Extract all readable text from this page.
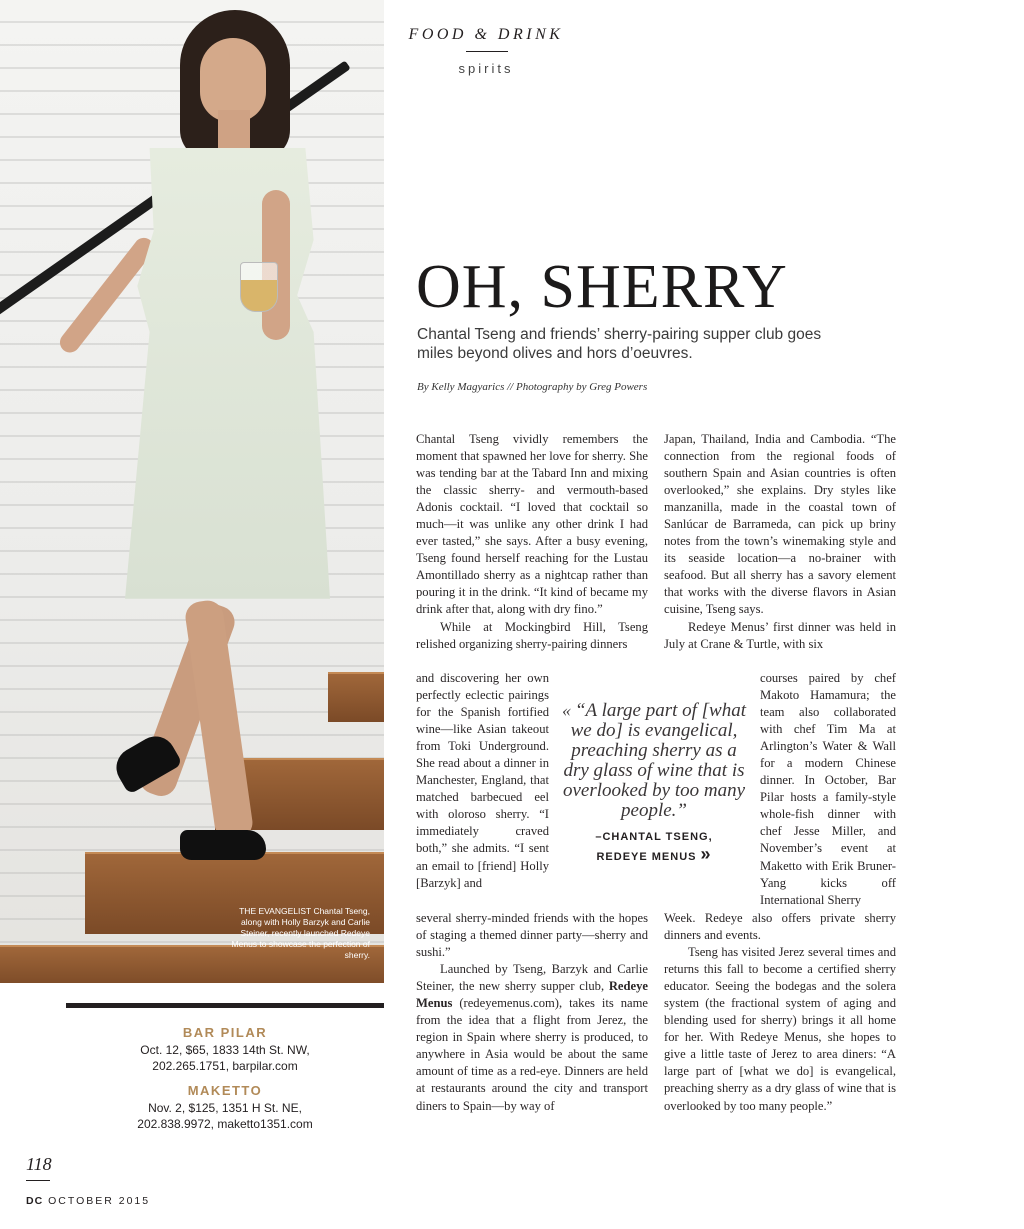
THE EVANGELIST Chantal Tseng, along with Holly Barzyk and Carlie Steiner, recently launched Redeye Menus to showcase the perfection of sherry.
FOOD & DRINK
spirits
OH, SHERRY
Chantal Tseng and friends’ sherry-pairing supper club goes miles beyond olives and hors d’oeuvres.
By Kelly Magyarics // Photography by Greg Powers

Chantal Tseng vividly remembers the moment that spawned her love for sherry. She was tending bar at the Tabard Inn and mixing the classic sherry- and vermouth-based Adonis cocktail. “I loved that cocktail so much—it was unlike any other drink I had ever tasted,” she says. After a busy evening, Tseng found herself reaching for the Lustau Amontillado sherry as a nightcap rather than pouring it in the drink. “It kind of became my drink after that, along with dry fino.”

While at Mockingbird Hill, Tseng relished organizing sherry-pairing dinners

and discovering her own perfectly eclectic pairings for the Spanish fortified wine—like Asian takeout from Toki Underground. She read about a dinner in Manchester, England, that matched barbecued eel with oloroso sherry. “I immediately craved both,” she admits. “I sent an email to [friend] Holly [Barzyk] and

several sherry-minded friends with the hopes of staging a themed dinner party—sherry and sushi.”

Launched by Tseng, Barzyk and Carlie Steiner, the new sherry supper club, Redeye Menus (redeyemenus.com), takes its name from the idea that a flight from Jerez, the region in Spain where sherry is produced, to anywhere in Asia would be about the same amount of time as a red-eye. Dinners are held at restaurants around the city and transport diners to Spain—by way of

Japan, Thailand, India and Cambodia. “The connection from the regional foods of southern Spain and Asian countries is often overlooked,” she explains. Dry styles like manzanilla, made in the coastal town of Sanlúcar de Barrameda, can pick up briny notes from the town’s winemaking style and its seaside location—a no-brainer with seafood. But all sherry has a savory element that works with the diverse flavors in Asian cuisine, Tseng says.

Redeye Menus’ first dinner was held in July at Crane & Turtle, with six

courses paired by chef Makoto Hamamura; the team also collaborated with chef Tim Ma at Arlington’s Water & Wall for a modern Chinese dinner. In October, Bar Pilar hosts a family-style whole-fish dinner with chef Jesse Miller, and November’s event at Maketto with Erik Bruner-Yang kicks off International Sherry

Week. Redeye also offers private sherry dinners and events.

Tseng has visited Jerez several times and returns this fall to become a certified sherry educator. Seeing the bodegas and the solera system (the fractional system of aging and blending used for sherry) brings it all home for her. With Redeye Menus, she hopes to give a little taste of Jerez to area diners: “A large part of [what we do] is evangelical, preaching sherry as a dry glass of wine that is overlooked by too many people.”

« “A large part of [what we do] is evangelical, preaching sherry as a dry glass of wine that is overlooked by too many people.”
–CHANTAL TSENG,
REDEYE MENUS »
BAR PILAR
Oct. 12, $65, 1833 14th St. NW,
202.265.1751, barpilar.com
MAKETTO
Nov. 2, $125, 1351 H St. NE,
202.838.9972, maketto1351.com
118
DC OCTOBER 2015
